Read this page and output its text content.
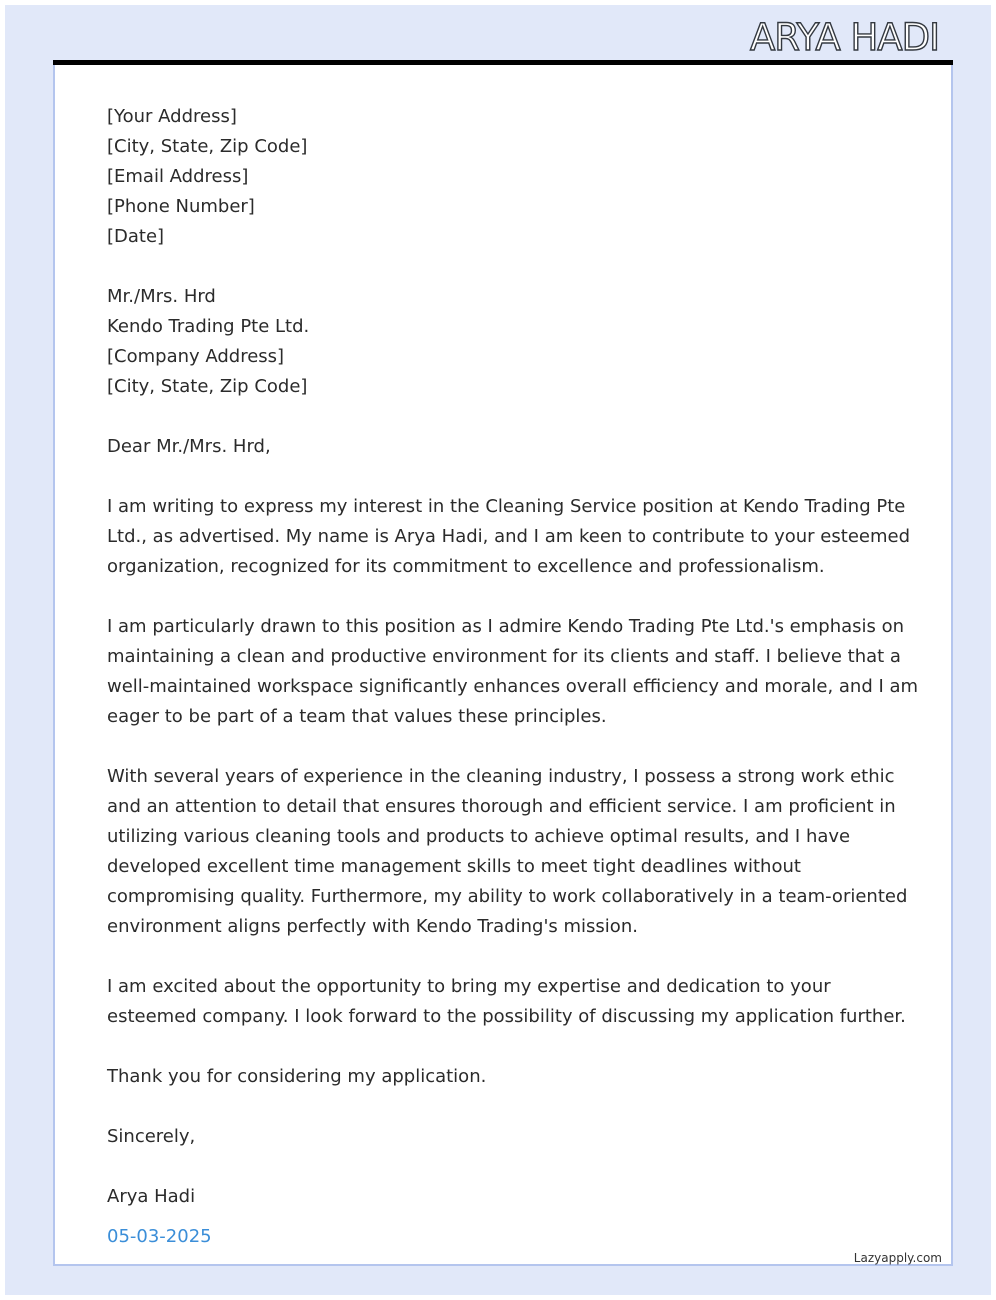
ARYA HADI
[Your Address]
[City, State, Zip Code]
[Email Address]
[Phone Number]
[Date]
Mr./Mrs. Hrd
Kendo Trading Pte Ltd.
[Company Address]
[City, State, Zip Code]
Dear Mr./Mrs. Hrd,
I am writing to express my interest in the Cleaning Service position at Kendo Trading Pte
Ltd., as advertised. My name is Arya Hadi, and I am keen to contribute to your esteemed
organization, recognized for its commitment to excellence and professionalism.
I am particularly drawn to this position as I admire Kendo Trading Pte Ltd.'s emphasis on
maintaining a clean and productive environment for its clients and staff. I believe that a
well-maintained workspace significantly enhances overall efficiency and morale, and I am
eager to be part of a team that values these principles.
With several years of experience in the cleaning industry, I possess a strong work ethic
and an attention to detail that ensures thorough and efficient service. I am proficient in
utilizing various cleaning tools and products to achieve optimal results, and I have
developed excellent time management skills to meet tight deadlines without
compromising quality. Furthermore, my ability to work collaboratively in a team-oriented
environment aligns perfectly with Kendo Trading's mission.
I am excited about the opportunity to bring my expertise and dedication to your
esteemed company. I look forward to the possibility of discussing my application further.
Thank you for considering my application.
Sincerely,
Arya Hadi
05-03-2025
Lazyapply.com
